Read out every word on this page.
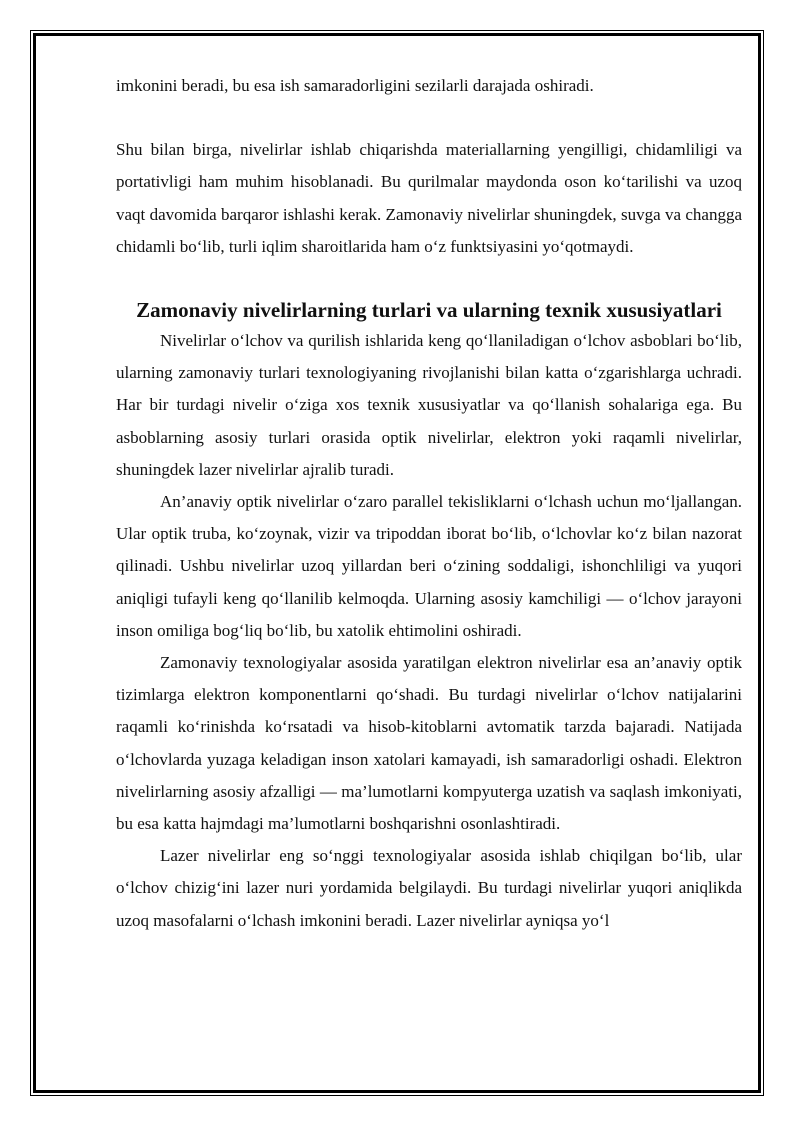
imkonini beradi, bu esa ish samaradorligini sezilarli darajada oshiradi.

Shu bilan birga, nivelirlar ishlab chiqarishda materiallarning yengilligi, chidamliligi va portativligi ham muhim hisoblanadi. Bu qurilmalar maydonda oson ko‘tarilishi va uzoq vaqt davomida barqaror ishlashi kerak. Zamonaviy nivelirlar shuningdek, suvga va changga chidamli bo‘lib, turli iqlim sharoitlarida ham o‘z funktsiyasini yo‘qotmaydi.

Zamonaviy nivelirlarning turlari va ularning texnik xususiyatlari

Nivelirlar o‘lchov va qurilish ishlarida keng qo‘llaniladigan o‘lchov asboblari bo‘lib, ularning zamonaviy turlari texnologiyaning rivojlanishi bilan katta o‘zgarishlarga uchradi. Har bir turdagi nivelir o‘ziga xos texnik xususiyatlar va qo‘llanish sohalariga ega. Bu asboblarning asosiy turlari orasida optik nivelirlar, elektron yoki raqamli nivelirlar, shuningdek lazer nivelirlar ajralib turadi.

An’anaviy optik nivelirlar o‘zaro parallel tekisliklarni o‘lchash uchun mo‘ljallangan. Ular optik truba, ko‘zoynak, vizir va tripoddan iborat bo‘lib, o‘lchovlar ko‘z bilan nazorat qilinadi. Ushbu nivelirlar uzoq yillardan beri o‘zining soddaligi, ishonchliligi va yuqori aniqligi tufayli keng qo‘llanilib kelmoqda. Ularning asosiy kamchiligi — o‘lchov jarayoni inson omiliga bog‘liq bo‘lib, bu xatolik ehtimolini oshiradi.

Zamonaviy texnologiyalar asosida yaratilgan elektron nivelirlar esa an’anaviy optik tizimlarga elektron komponentlarni qo‘shadi. Bu turdagi nivelirlar o‘lchov natijalarini raqamli ko‘rinishda ko‘rsatadi va hisob-kitoblarni avtomatik tarzda bajaradi. Natijada o‘lchovlarda yuzaga keladigan inson xatolari kamayadi, ish samaradorligi oshadi. Elektron nivelirlarning asosiy afzalligi — ma’lumotlarni kompyuterga uzatish va saqlash imkoniyati, bu esa katta hajmdagi ma’lumotlarni boshqarishni osonlashtiradi.

Lazer nivelirlar eng so‘nggi texnologiyalar asosida ishlab chiqilgan bo‘lib, ular o‘lchov chizig‘ini lazer nuri yordamida belgilaydi. Bu turdagi nivelirlar yuqori aniqlikda uzoq masofalarni o‘lchash imkonini beradi. Lazer nivelirlar ayniqsa yo‘l
